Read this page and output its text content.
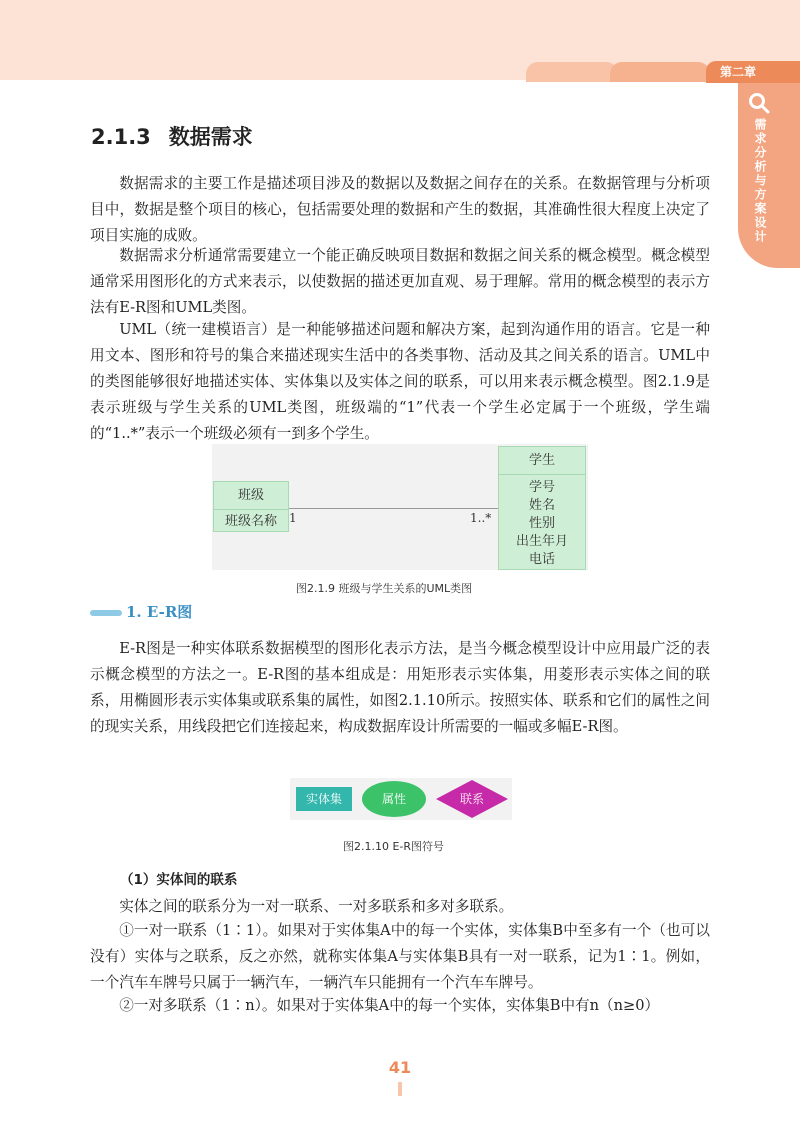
第二章
需求分析与方案设计
2.1.3 数据需求

数据需求的主要工作是描述项目涉及的数据以及数据之间存在的关系。在数据管理与分析项目中，数据是整个项目的核心，包括需要处理的数据和产生的数据，其准确性很大程度上决定了项目实施的成败。

数据需求分析通常需要建立一个能正确反映项目数据和数据之间关系的概念模型。概念模型通常采用图形化的方式来表示，以使数据的描述更加直观、易于理解。常用的概念模型的表示方法有E-R图和UML类图。

UML（统一建模语言）是一种能够描述问题和解决方案，起到沟通作用的语言。它是一种用文本、图形和符号的集合来描述现实生活中的各类事物、活动及其之间关系的语言。UML中的类图能够很好地描述实体、实体集以及实体之间的联系，可以用来表示概念模型。图2.1.9是表示班级与学生关系的UML类图，班级端的“1”代表一个学生必定属于一个班级，学生端的“1..*”表示一个班级必须有一到多个学生。

班级
班级名称	1	1..*
学生
学号
姓名
性别
出生年月
电话
图2.1.9 班级与学生关系的UML类图
1. E-R图

E-R图是一种实体联系数据模型的图形化表示方法，是当今概念模型设计中应用最广泛的表示概念模型的方法之一。E-R图的基本组成是：用矩形表示实体集，用菱形表示实体之间的联系，用椭圆形表示实体集或联系集的属性，如图2.1.10所示。按照实体、联系和它们的属性之间的现实关系，用线段把它们连接起来，构成数据库设计所需要的一幅或多幅E-R图。

实体集	属性	联系
图2.1.10 E-R图符号
（1）实体间的联系

实体之间的联系分为一对一联系、一对多联系和多对多联系。

①一对一联系（1∶1）。如果对于实体集A中的每一个实体，实体集B中至多有一个（也可以没有）实体与之联系，反之亦然，就称实体集A与实体集B具有一对一联系，记为1∶1。例如，一个汽车车牌号只属于一辆汽车，一辆汽车只能拥有一个汽车车牌号。

②一对多联系（1∶n）。如果对于实体集A中的每一个实体，实体集B中有n（n≥0）

41
